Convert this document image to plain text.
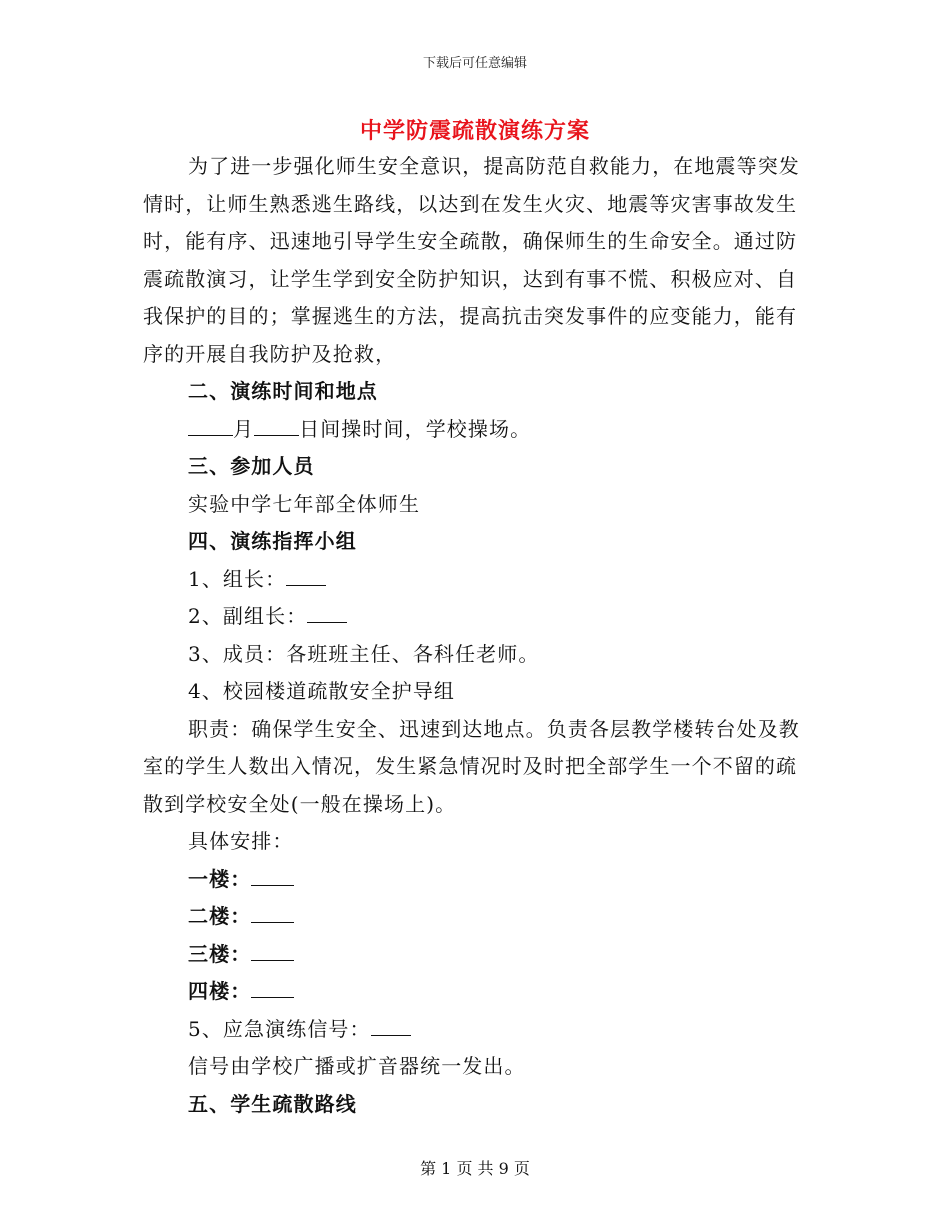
下载后可任意编辑
中学防震疏散演练方案

为了进一步强化师生安全意识，提高防范自救能力，在地震等突发情时，让师生熟悉逃生路线，以达到在发生火灾、地震等灾害事故发生时，能有序、迅速地引导学生安全疏散，确保师生的生命安全。通过防震疏散演习，让学生学到安全防护知识，达到有事不慌、积极应对、自我保护的目的；掌握逃生的方法，提高抗击突发事件的应变能力，能有序的开展自我防护及抢救，

二、演练时间和地点

月 日间操时间，学校操场。

三、参加人员

实验中学七年部全体师生

四、演练指挥小组

1、组长：

2、副组长：

3、成员：各班班主任、各科任老师。

4、校园楼道疏散安全护导组

职责：确保学生安全、迅速到达地点。负责各层教学楼转台处及教室的学生人数出入情况，发生紧急情况时及时把全部学生一个不留的疏散到学校安全处(一般在操场上)。

具体安排：

一楼：

二楼：

三楼：

四楼：

5、应急演练信号：

信号由学校广播或扩音器统一发出。

五、学生疏散路线

第 1 页 共 9 页
